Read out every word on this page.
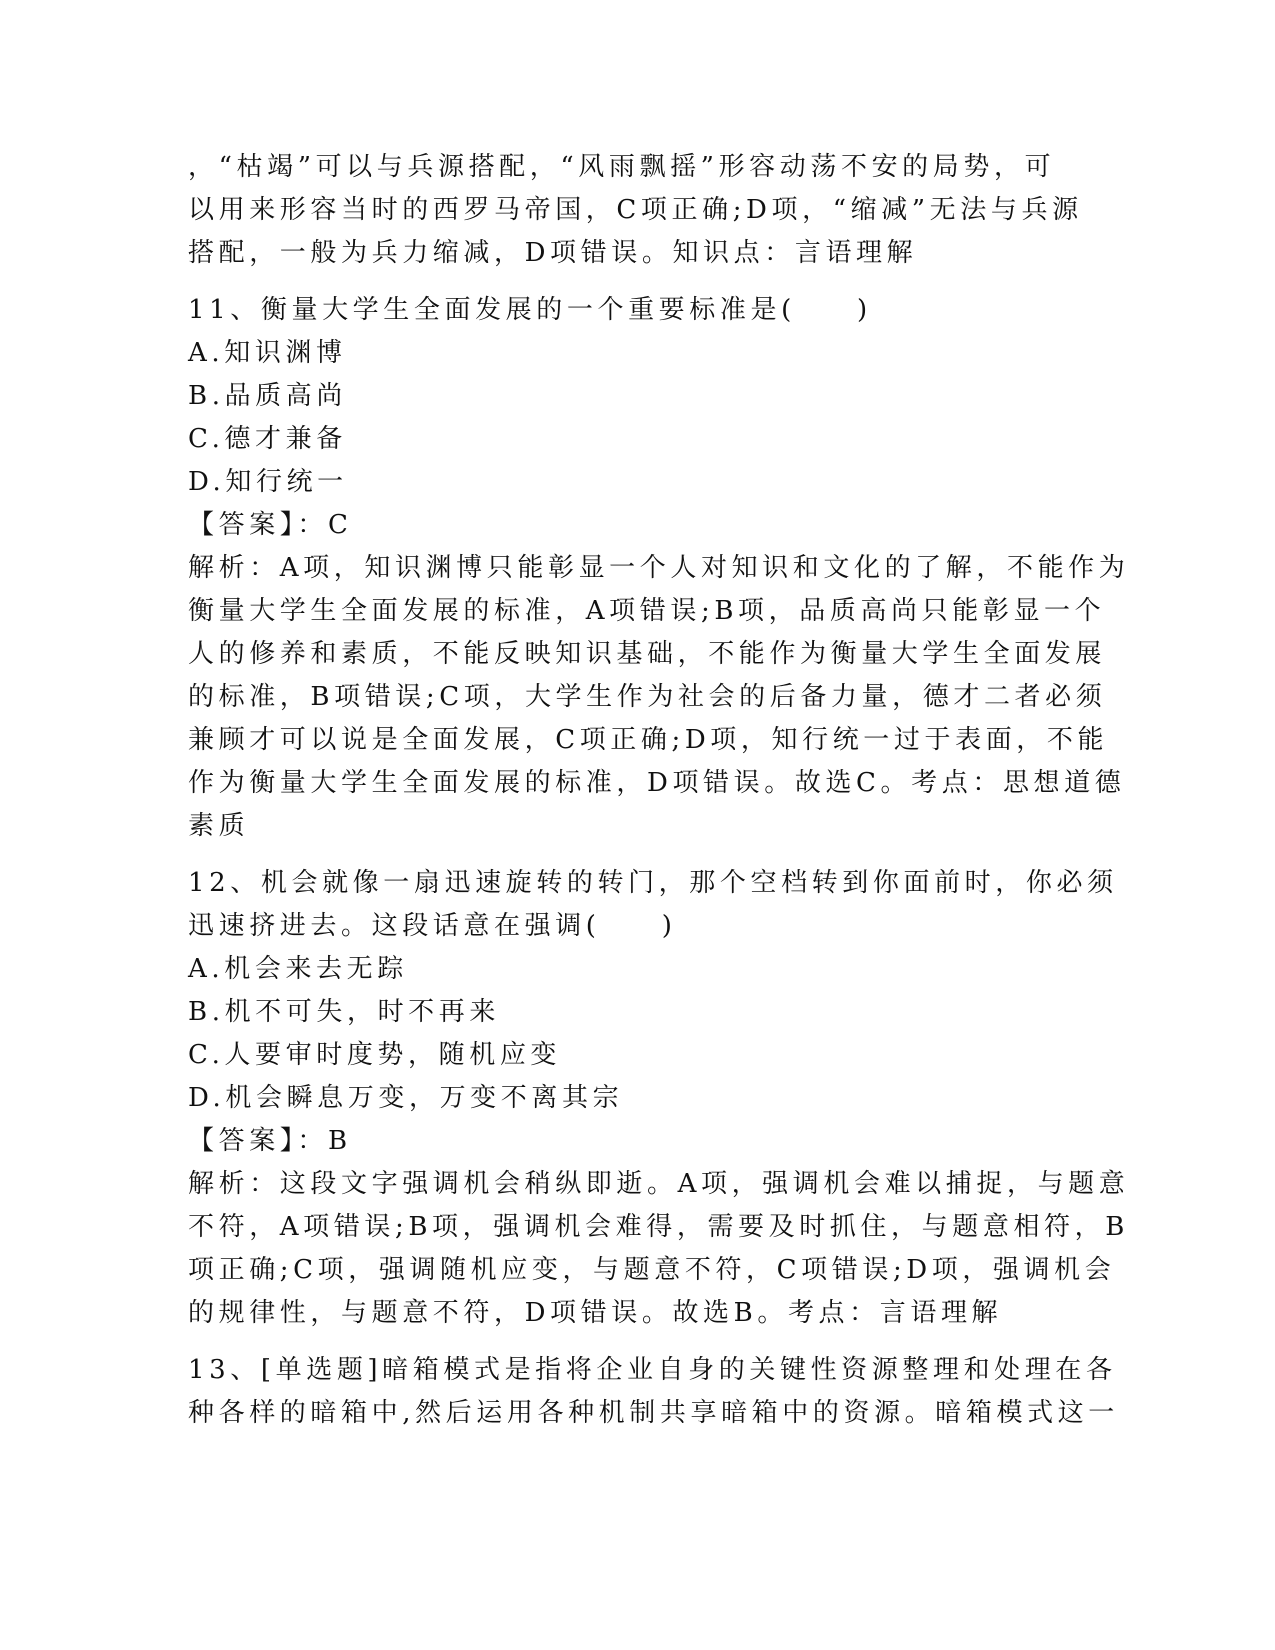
，“枯竭”可以与兵源搭配，“风雨飘摇”形容动荡不安的局势，可

以用来形容当时的西罗马帝国，C项正确;D项，“缩减”无法与兵源

搭配，一般为兵力缩减，D项错误。知识点：言语理解

11、衡量大学生全面发展的一个重要标准是(　　)

A.知识渊博

B.品质高尚

C.德才兼备

D.知行统一

【答案】：C

解析：A项，知识渊博只能彰显一个人对知识和文化的了解，不能作为

衡量大学生全面发展的标准，A项错误;B项，品质高尚只能彰显一个

人的修养和素质，不能反映知识基础，不能作为衡量大学生全面发展

的标准，B项错误;C项，大学生作为社会的后备力量，德才二者必须

兼顾才可以说是全面发展，C项正确;D项，知行统一过于表面，不能

作为衡量大学生全面发展的标准，D项错误。故选C。考点：思想道德

素质

12、机会就像一扇迅速旋转的转门，那个空档转到你面前时，你必须

迅速挤进去。这段话意在强调(　　)

A.机会来去无踪

B.机不可失，时不再来

C.人要审时度势，随机应变

D.机会瞬息万变，万变不离其宗

【答案】：B

解析：这段文字强调机会稍纵即逝。A项，强调机会难以捕捉，与题意

不符，A项错误;B项，强调机会难得，需要及时抓住，与题意相符，B

项正确;C项，强调随机应变，与题意不符，C项错误;D项，强调机会

的规律性，与题意不符，D项错误。故选B。考点：言语理解

13、[单选题]暗箱模式是指将企业自身的关键性资源整理和处理在各

种各样的暗箱中,然后运用各种机制共享暗箱中的资源。暗箱模式这一
